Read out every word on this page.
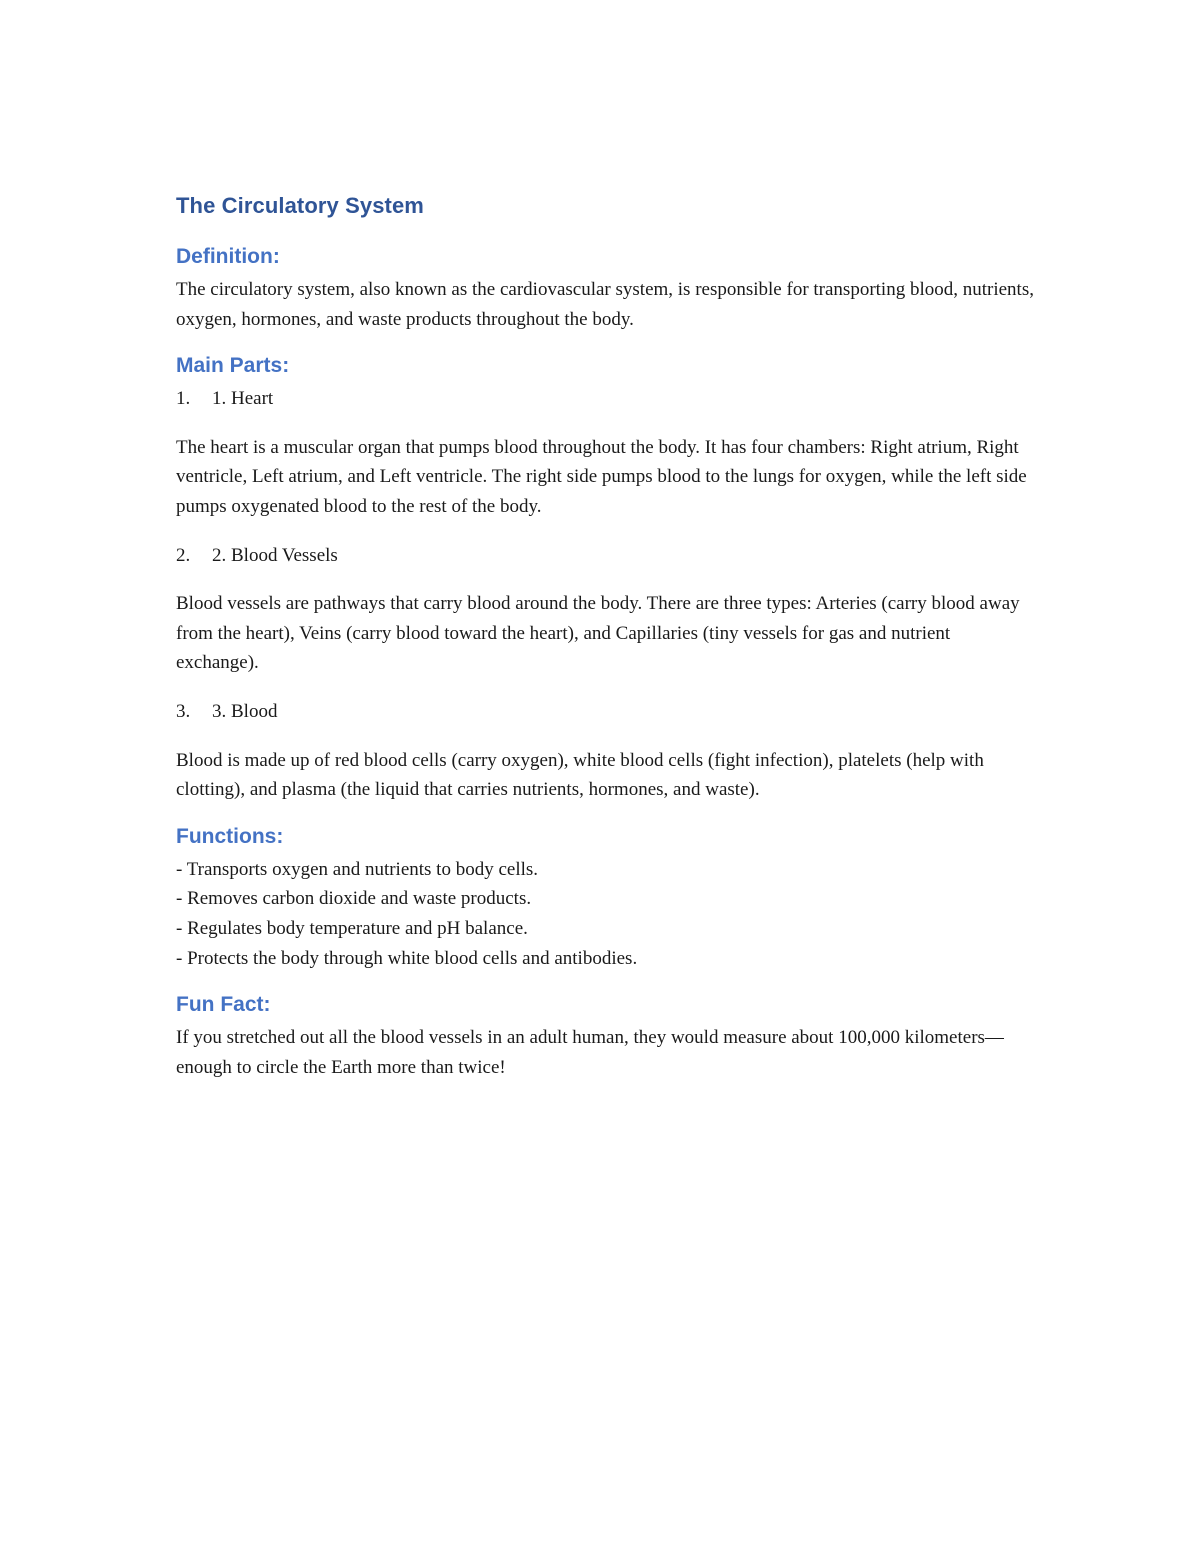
The Circulatory System
Definition:

The circulatory system, also known as the cardiovascular system, is responsible for transporting blood, nutrients, oxygen, hormones, and waste products throughout the body.

Main Parts:
1.	1. Heart

The heart is a muscular organ that pumps blood throughout the body. It has four chambers: Right atrium, Right ventricle, Left atrium, and Left ventricle. The right side pumps blood to the lungs for oxygen, while the left side pumps oxygenated blood to the rest of the body.

2.	2. Blood Vessels

Blood vessels are pathways that carry blood around the body. There are three types: Arteries (carry blood away from the heart), Veins (carry blood toward the heart), and Capillaries (tiny vessels for gas and nutrient exchange).

3.	3. Blood

Blood is made up of red blood cells (carry oxygen), white blood cells (fight infection), platelets (help with clotting), and plasma (the liquid that carries nutrients, hormones, and waste).

Functions:
- Transports oxygen and nutrients to body cells.
- Removes carbon dioxide and waste products.
- Regulates body temperature and pH balance.
- Protects the body through white blood cells and antibodies.
Fun Fact:

If you stretched out all the blood vessels in an adult human, they would measure about 100,000 kilometers—enough to circle the Earth more than twice!
